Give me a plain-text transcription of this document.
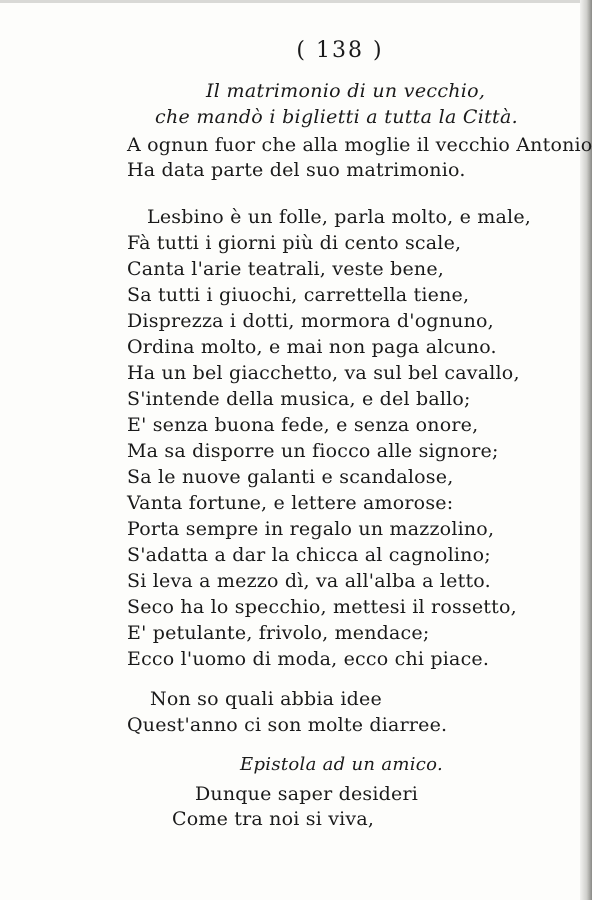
( 138 )
Il matrimonio di un vecchio,
che mandò i biglietti a tutta la Città.
A ognun fuor che alla moglie il vecchio Antonio
Ha data parte del suo matrimonio.
Lesbino è un folle, parla molto, e male,
Fà tutti i giorni più di cento scale,
Canta l'arie teatrali, veste bene,
Sa tutti i giuochi, carrettella tiene,
Disprezza i dotti, mormora d'ognuno,
Ordina molto, e mai non paga alcuno.
Ha un bel giacchetto, va sul bel cavallo,
S'intende della musica, e del ballo;
E' senza buona fede, e senza onore,
Ma sa disporre un fiocco alle signore;
Sa le nuove galanti e scandalose,
Vanta fortune, e lettere amorose:
Porta sempre in regalo un mazzolino,
S'adatta a dar la chicca al cagnolino;
Si leva a mezzo dì, va all'alba a letto.
Seco ha lo specchio, mettesi il rossetto,
E' petulante, frivolo, mendace;
Ecco l'uomo di moda, ecco chi piace.
Non so quali abbia idee
Quest'anno ci son molte diarree.
Epistola ad un amico.
Dunque saper desideri
Come tra noi si viva,
